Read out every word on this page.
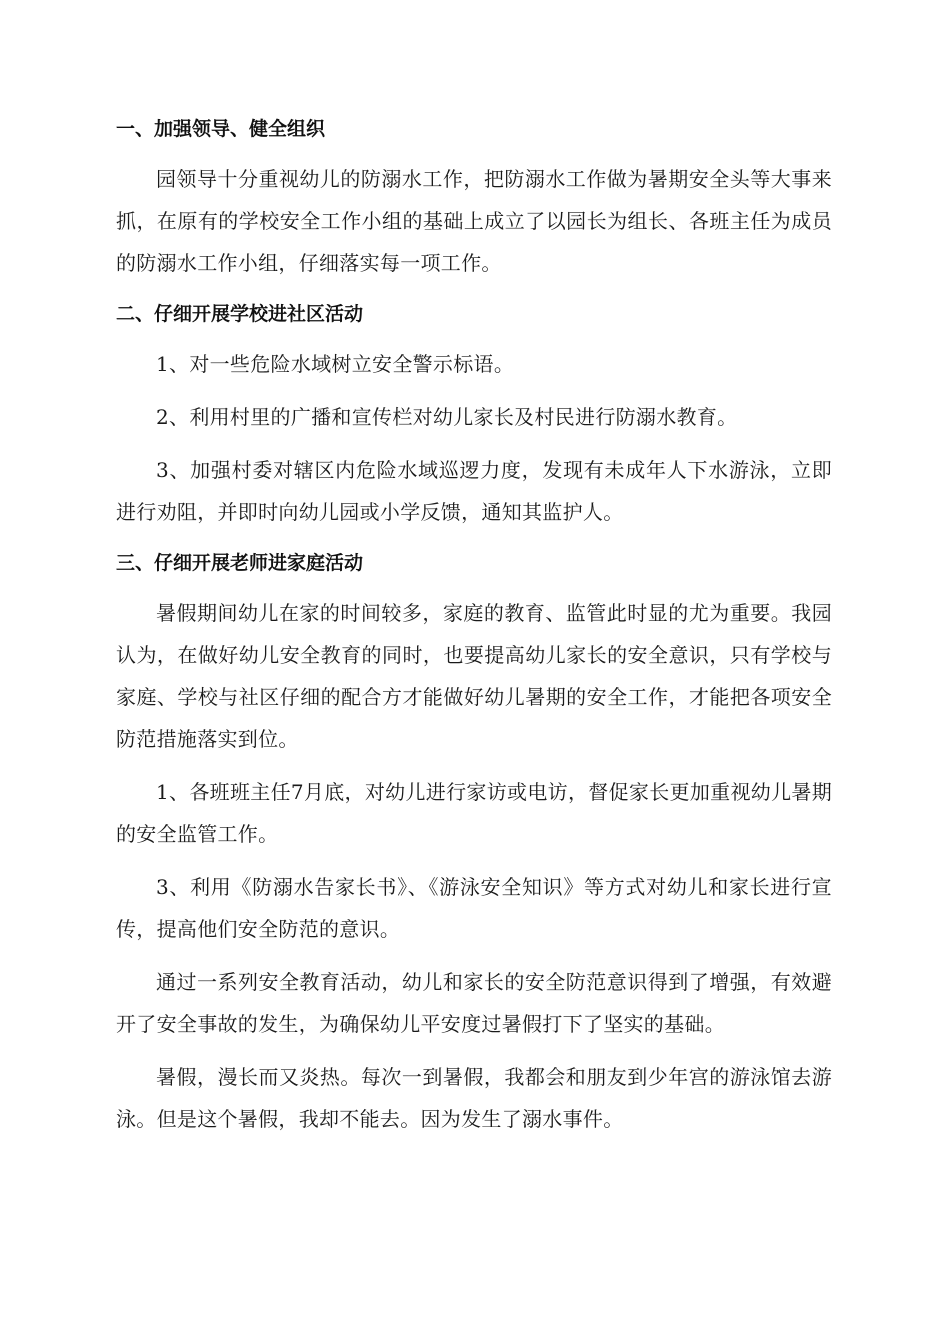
一、加强领导、健全组织

园领导十分重视幼儿的防溺水工作，把防溺水工作做为暑期安全头等大事来抓，在原有的学校安全工作小组的基础上成立了以园长为组长、各班主任为成员的防溺水工作小组，仔细落实每一项工作。

二、仔细开展学校进社区活动

1、对一些危险水域树立安全警示标语。

2、利用村里的广播和宣传栏对幼儿家长及村民进行防溺水教育。

3、加强村委对辖区内危险水域巡逻力度，发现有未成年人下水游泳，立即进行劝阻，并即时向幼儿园或小学反馈，通知其监护人。

三、仔细开展老师进家庭活动

暑假期间幼儿在家的时间较多，家庭的教育、监管此时显的尤为重要。我园认为，在做好幼儿安全教育的同时，也要提高幼儿家长的安全意识，只有学校与家庭、学校与社区仔细的配合方才能做好幼儿暑期的安全工作，才能把各项安全防范措施落实到位。

1、各班班主任7月底，对幼儿进行家访或电访，督促家长更加重视幼儿暑期的安全监管工作。

3、利用《防溺水告家长书》、《游泳安全知识》等方式对幼儿和家长进行宣传，提高他们安全防范的意识。

通过一系列安全教育活动，幼儿和家长的安全防范意识得到了增强，有效避开了安全事故的发生，为确保幼儿平安度过暑假打下了坚实的基础。

暑假，漫长而又炎热。每次一到暑假，我都会和朋友到少年宫的游泳馆去游泳。但是这个暑假，我却不能去。因为发生了溺水事件。
